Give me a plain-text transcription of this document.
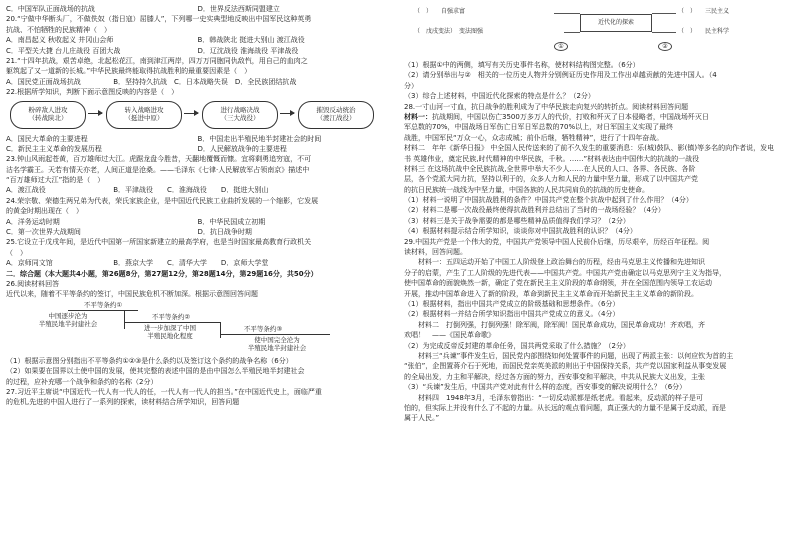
C．中国军队正面战场的抗战	D．世界反法西斯同盟建立
20.“宁做中华断头厂，不做佚奴（指日寇）屈膝人”，下列哪一史实典型地反映出中国军民这种英勇
抗战、不怕牺牲的民族精神（　）
A．南昌起义 秋收起义 井冈山会师	B．韩战陕北 挺进大别山 渡江战役
C．平型关大捷 台儿庄战役 百团大战	D．辽沈战役 淮海战役 平津战役
21.“十四年抗战，艰苦卓绝，北起松花江，南到津江两岸，四万万同胞同仇敌忾，用自己的血肉之
躯筑起了又一道新的长城。”中华民族最终能取得抗战胜利的最重要因素是（　）
A．国民党正面战场抗战	B．坚持持久抗战　C．日本战略失误　D．全民族团结抗战
22.根据所学知识，判断下面示意图反映的内容是（　）
粉碎敌人进攻
（转战陕北）
转入战略进攻
（挺进中原）
进行战略决战
（三大战役）
摧毁反动统治
（渡江战役）
A．国民大革命的主要进程	B．中国走出半殖民地半封建社会的时间
C．新民主主义革命的发展历程	D．人民解放战争的主要进程
23.钟山风雨起苍黄，百万雄师过大江。虎踞龙盘今胜昔，天翻地覆慨而慷。宜将剩勇追穷寇，不可
沽名学霸王。天若有情天亦老，人间正道是沧桑。——毛泽东《七律·人民解放军占领南京》描述中
“百万雄师过大江”指的是（　）
A．渡江战役	B．平津战役　　C．淮海战役　　D．挺进大别山
24.荣宗敬、荣德生两兄弟为代表，荣氏家族企业，是中国近代民族工业曲折发展的一个缩影，它发展
的黄金时期出现在（　）
A．洋务运动时期	B．中华民国成立初期
C．第一次世界大战期间	D．抗日战争时期
25.它设立于戊戌年间，是近代中国第一所国家新建立的最高学府，也是当时国家最高教育行政机关
（　）
A．京师同文馆	B．燕京大学　　C．清华大学　　D．京师大学堂
二．综合题（本大题共4小题，第26题8分，第27题12分，第28题14分，第29题16分，共50分）
26.阅读材料回答
近代以来，随着不平等条约的签订，中国民族危机不断加深。根据示意图回答问题
不平等条约①
中国逐步沦为
半殖民地半封建社会
不平等条约②
进一步加深了中国
半殖民地化程度
不平等条约③
使中国完全沦为
半殖民地半封建社会
（1）根据示意图分别指出不平等条约①②③是什么条约以及签订这个条约的战争名称（6分）
（2）如果要在国界以土使中国的发展，使其完整的表述中国的是由中国怎么半殖民地半封建社会
的过程，应补充哪一个战争和条约的名称（2分）
27.习近平主席说“中国近代一代人有一代人的任，一代人有一代人的担当。”在中国近代史上，面临严重
的危机,先进的中国人进行了一系列的探索，读材料结合所学知识，回答问题
（　）　　自强求富
（　戊戌变法）　变法图强
①
近代化的探索
②
（　）　　三民主义
（　）　　民主科学
（1）根据①中的两侧，填写有关历史事件名称，使材料结构图完整。（6分）
（2）请分别举出与②　相关的一位历史人物并分别例证历史作用及工作出卓越贡献的先进中国人。（4
分）
（3）综合上述材料，中国近代化探索的特点是什么？（2分）
28.一寸山河一寸血，抗日战争的胜利成为了中华民族走向复兴的转折点。阅读材料回答问题
材料一：抗战期间，中国以伤亡3500万多万人的代价，打败和歼灭了日本侵略者，中国战场歼灭日
军总数的70%，中国战场日军伤亡日军日军总数的70%以上，对日军国主义实现了最终
战胜，中国军民“万众一心，众志成城；前仆后继，牺牲精神”，进行了十四年奋战。
材料二　年年《新华日报》 中全国人民传送来的了前不久发生的重要消息：乐(城)鼓队、影(镇)等多名的向作者说，发电
书 英雄伟业，奠定民族,时代精神的中华民族，千秋。……”材料表达由中国伟大的抗战的一战役
材料三 在这场抗战中全民族抗战,全世界中举大不少人……在人民的人口、各界、各民族、各阶
层，各个党派大同力抗，坚持以利于的，众多人力和人民的力量中坚力量，形成了以中国共产党
的抗日民族统一战线为中坚力量，中国各族的人民共同肩负的抗战的历史使命。
（1）材料一说明了中国抗战胜利的条件？中国共产党在整个抗战中起到了什么作用？（4分）
（2）材料二是哪一次战役最终使得抗战胜利并总结出了当时的一战场经验？（4分）
（3）材料三是关于战争需要的都是哪些精神品质值得我们学习？（2分）
（4）根据材料提示结合所学知识，谈谈你对中国抗战胜利的认识？（4分）
29.中国共产党是一个伟大的党，中国共产党领导中国人民前仆后继，历尽艰辛，历经百年征程。阅
读材料，回答问题。
　　材料一：五四运动开始了中国工人阶级登上政治舞台的历程，经由马克思主义传播和先进知识
分子的启蒙，产生了工人阶级的先进代表——中国共产党。中国共产党由确定以马克思列宁主义为指导，
使中国革命的面貌焕然一新，确定了党在新民主主义阶段的革命纲领，并在全国范围内领导工农运动
开展，推动中国革命进入了新的阶段，革命到新民主主义革命而开始新民主主义革命的新阶段。
（1）根据材料，指出中国共产党成立的阶级基础和思想条件。（6分）
（2）根据材料一并结合所学知识指出中国共产党成立的意义。（4分）
　　材料二　打倒列强，打倒列强！除军阀，除军阀！国民革命成功，国民革命成功！齐欢唱，齐
欢唱！　——《国民革命歌》
（2）为完成反帝反封建的革命任务，国共两党采取了什么措施？（2分）
　　材料三“兵谏”事件发生后，国民党内部围绕如何处置事件的问题，出现了两派主张：以何应钦为首的主
“张伯”，企图置蒋介石于死地，而国民党亲英美派的则出于中国保持关系，共产党以国家利益从事变发展
的全局出发，力主和平解决，经过各方面的努力，西安事变和平解决，中共从民族大义出发，主张
（3）“兵谏”发生后，中国共产党对此有什么样的态度，西安事变的解决说明什么？（6分）
　　材料四　1948年3月，毛泽东曾指出：“一切反动派都是纸老虎。看起来，反动派的样子是可
怕的，但实际上并没有什么了不起的力量。从长远的观点看问题，真正强大的力量不是属于反动派，而是
属于人民。”
